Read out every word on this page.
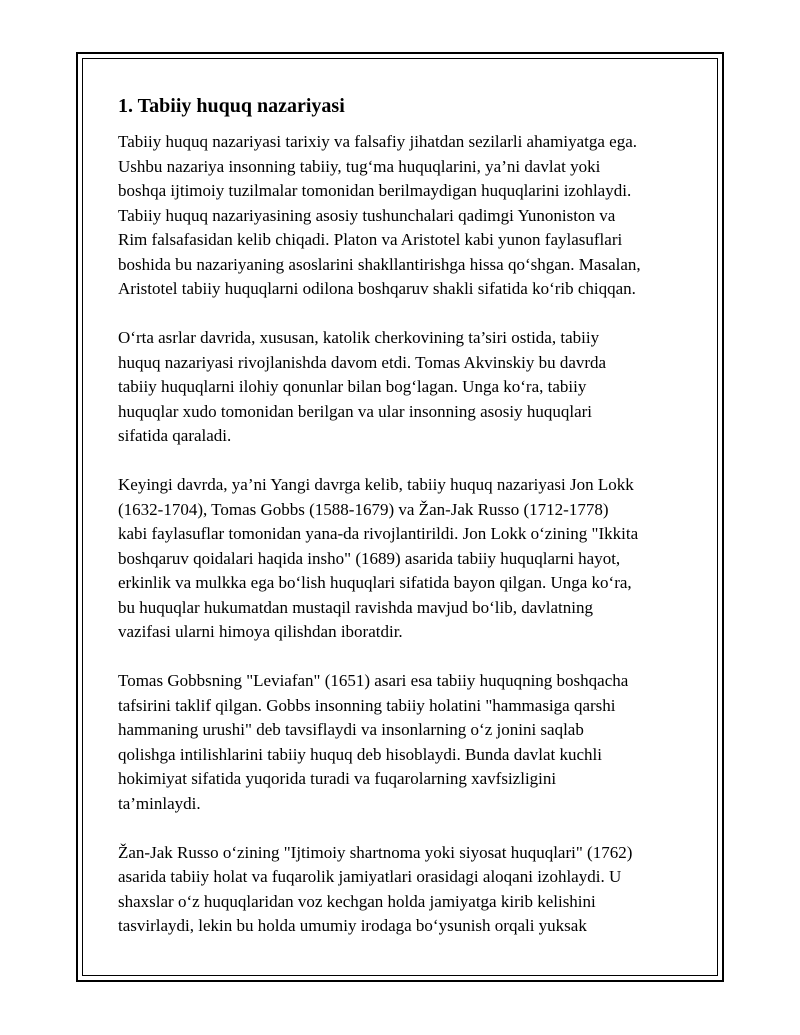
1. Tabiiy huquq nazariyasi

Tabiiy huquq nazariyasi tarixiy va falsafiy jihatdan sezilarli ahamiyatga ega.
Ushbu nazariya insonning tabiiy, tug‘ma huquqlarini, ya’ni davlat yoki
boshqa ijtimoiy tuzilmalar tomonidan berilmaydigan huquqlarini izohlaydi.
Tabiiy huquq nazariyasining asosiy tushunchalari qadimgi Yunoniston va
Rim falsafasidan kelib chiqadi. Platon va Aristotel kabi yunon faylasuflari
boshida bu nazariyaning asoslarini shakllantirishga hissa qo‘shgan. Masalan,
Aristotel tabiiy huquqlarni odilona boshqaruv shakli sifatida ko‘rib chiqqan.

O‘rta asrlar davrida, xususan, katolik cherkovining ta’siri ostida, tabiiy
huquq nazariyasi rivojlanishda davom etdi. Tomas Akvinskiy bu davrda
tabiiy huquqlarni ilohiy qonunlar bilan bog‘lagan. Unga ko‘ra, tabiiy
huquqlar xudo tomonidan berilgan va ular insonning asosiy huquqlari
sifatida qaraladi.

Keyingi davrda, ya’ni Yangi davrga kelib, tabiiy huquq nazariyasi Jon Lokk
(1632-1704), Tomas Gobbs (1588-1679) va Žan-Jak Russo (1712-1778)
kabi faylasuflar tomonidan yana-da rivojlantirildi. Jon Lokk o‘zining "Ikkita
boshqaruv qoidalari haqida insho" (1689) asarida tabiiy huquqlarni hayot,
erkinlik va mulkka ega bo‘lish huquqlari sifatida bayon qilgan. Unga ko‘ra,
bu huquqlar hukumatdan mustaqil ravishda mavjud bo‘lib, davlatning
vazifasi ularni himoya qilishdan iboratdir.

Tomas Gobbsning "Leviafan" (1651) asari esa tabiiy huquqning boshqacha
tafsirini taklif qilgan. Gobbs insonning tabiiy holatini "hammasiga qarshi
hammaning urushi" deb tavsiflaydi va insonlarning o‘z jonini saqlab
qolishga intilishlarini tabiiy huquq deb hisoblaydi. Bunda davlat kuchli
hokimiyat sifatida yuqorida turadi va fuqarolarning xavfsizligini
ta’minlaydi.

Žan-Jak Russo o‘zining "Ijtimoiy shartnoma yoki siyosat huquqlari" (1762)
asarida tabiiy holat va fuqarolik jamiyatlari orasidagi aloqani izohlaydi. U
shaxslar o‘z huquqlaridan voz kechgan holda jamiyatga kirib kelishini
tasvirlaydi, lekin bu holda umumiy irodaga bo‘ysunish orqali yuksak
